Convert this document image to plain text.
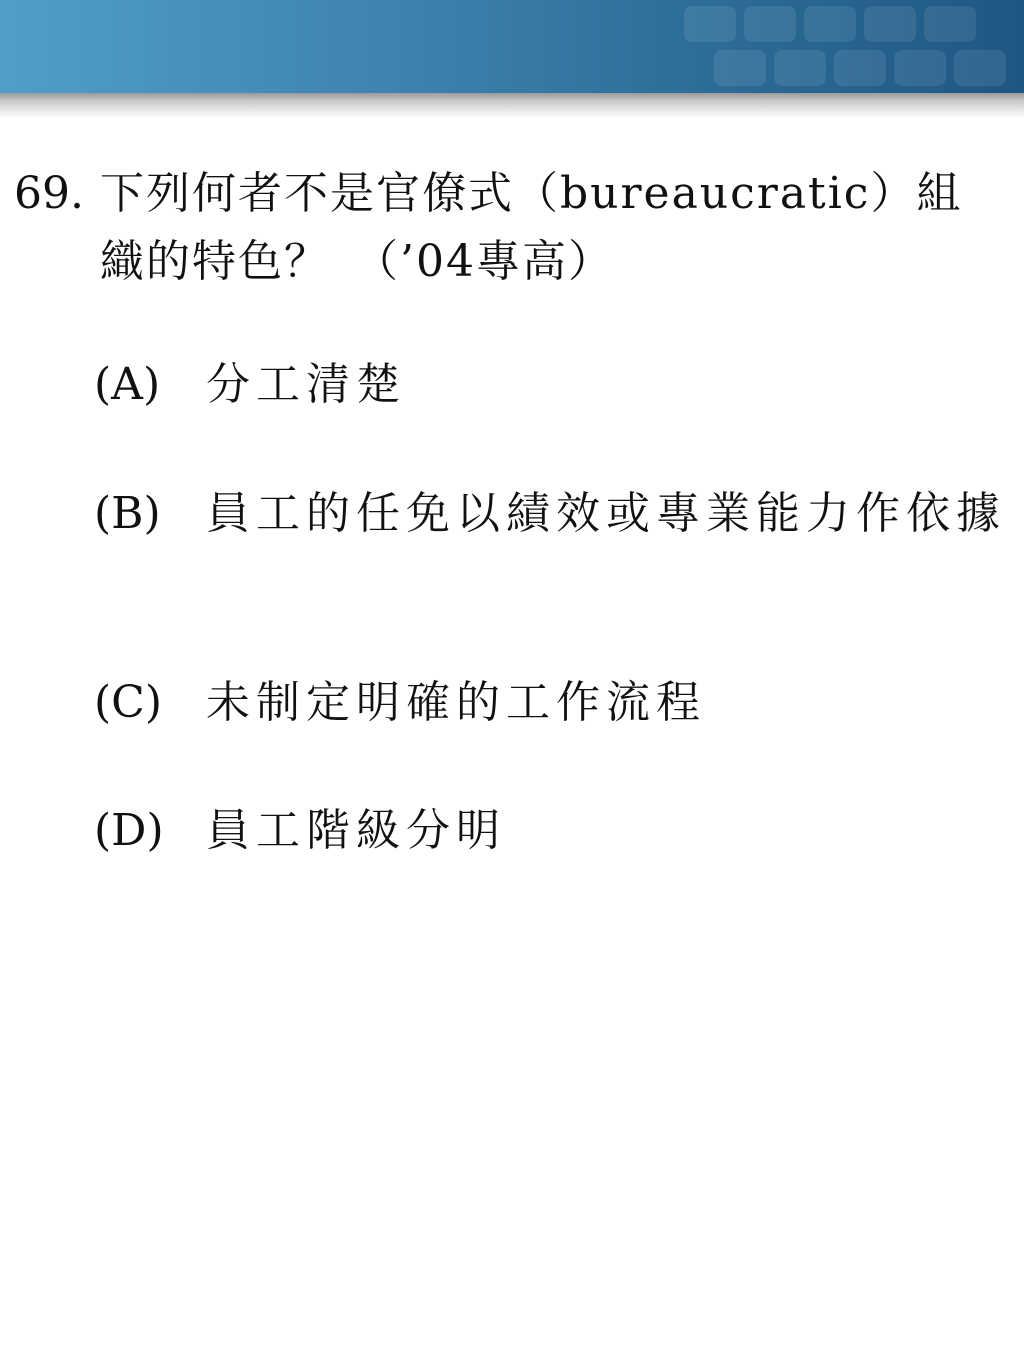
69. 下列何者不是官僚式（bureaucratic）組織的特色？　（’04專高）
(A) 分工清楚
(B) 員工的任免以績效或專業能力作依據
(C) 未制定明確的工作流程
(D) 員工階級分明
